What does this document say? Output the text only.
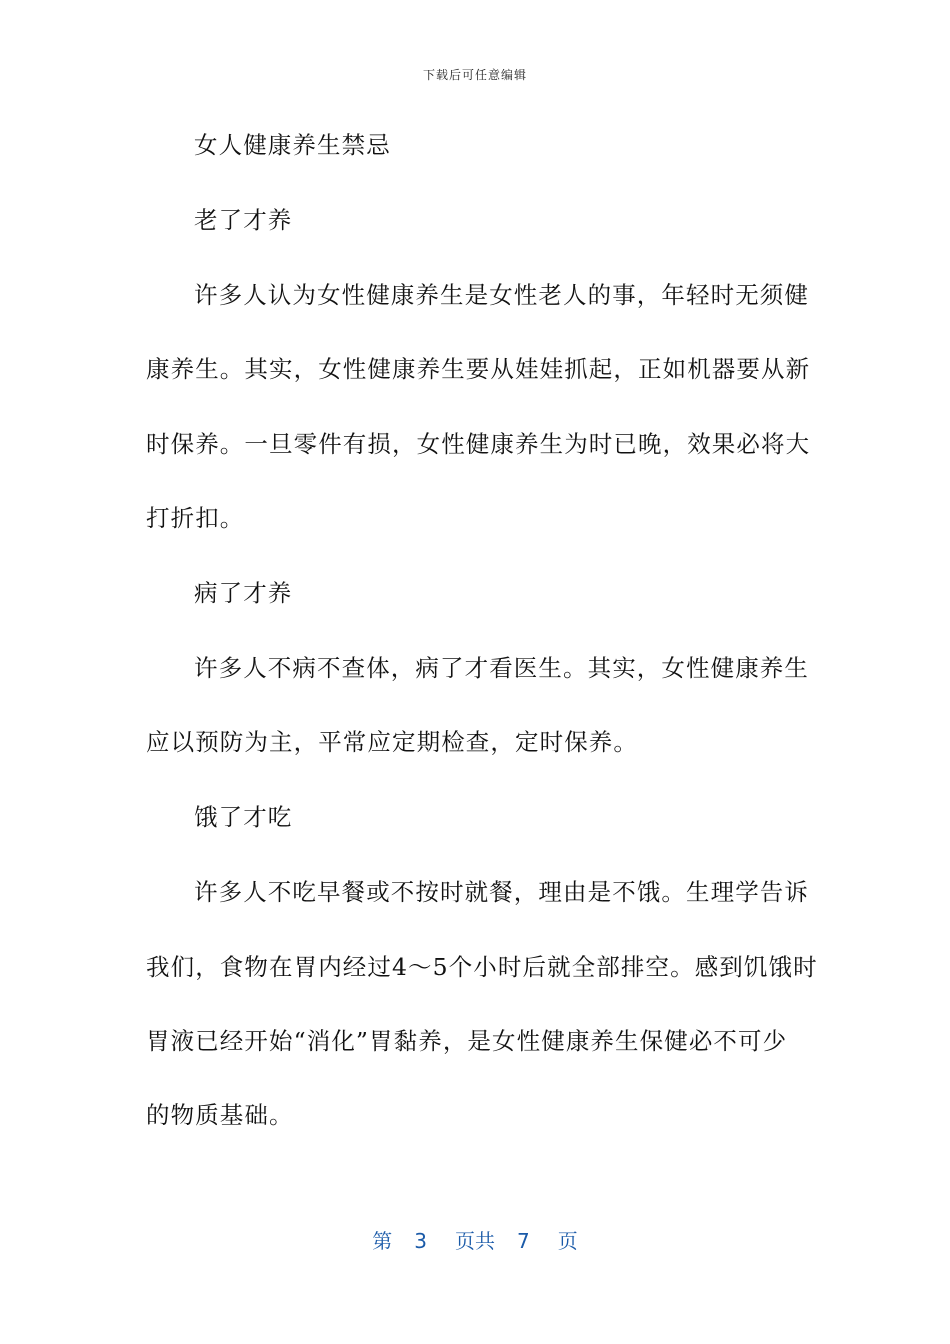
下载后可任意编辑
女人健康养生禁忌
老了才养
许多人认为女性健康养生是女性老人的事，年轻时无须健
康养生。其实，女性健康养生要从娃娃抓起，正如机器要从新
时保养。一旦零件有损，女性健康养生为时已晚，效果必将大
打折扣。
病了才养
许多人不病不查体，病了才看医生。其实，女性健康养生
应以预防为主，平常应定期检查，定时保养。
饿了才吃
许多人不吃早餐或不按时就餐，理由是不饿。生理学告诉
我们，食物在胃内经过4～5个小时后就全部排空。感到饥饿时
胃液已经开始“消化”胃黏养，是女性健康养生保健必不可少
的物质基础。
第 3 页共 7 页
